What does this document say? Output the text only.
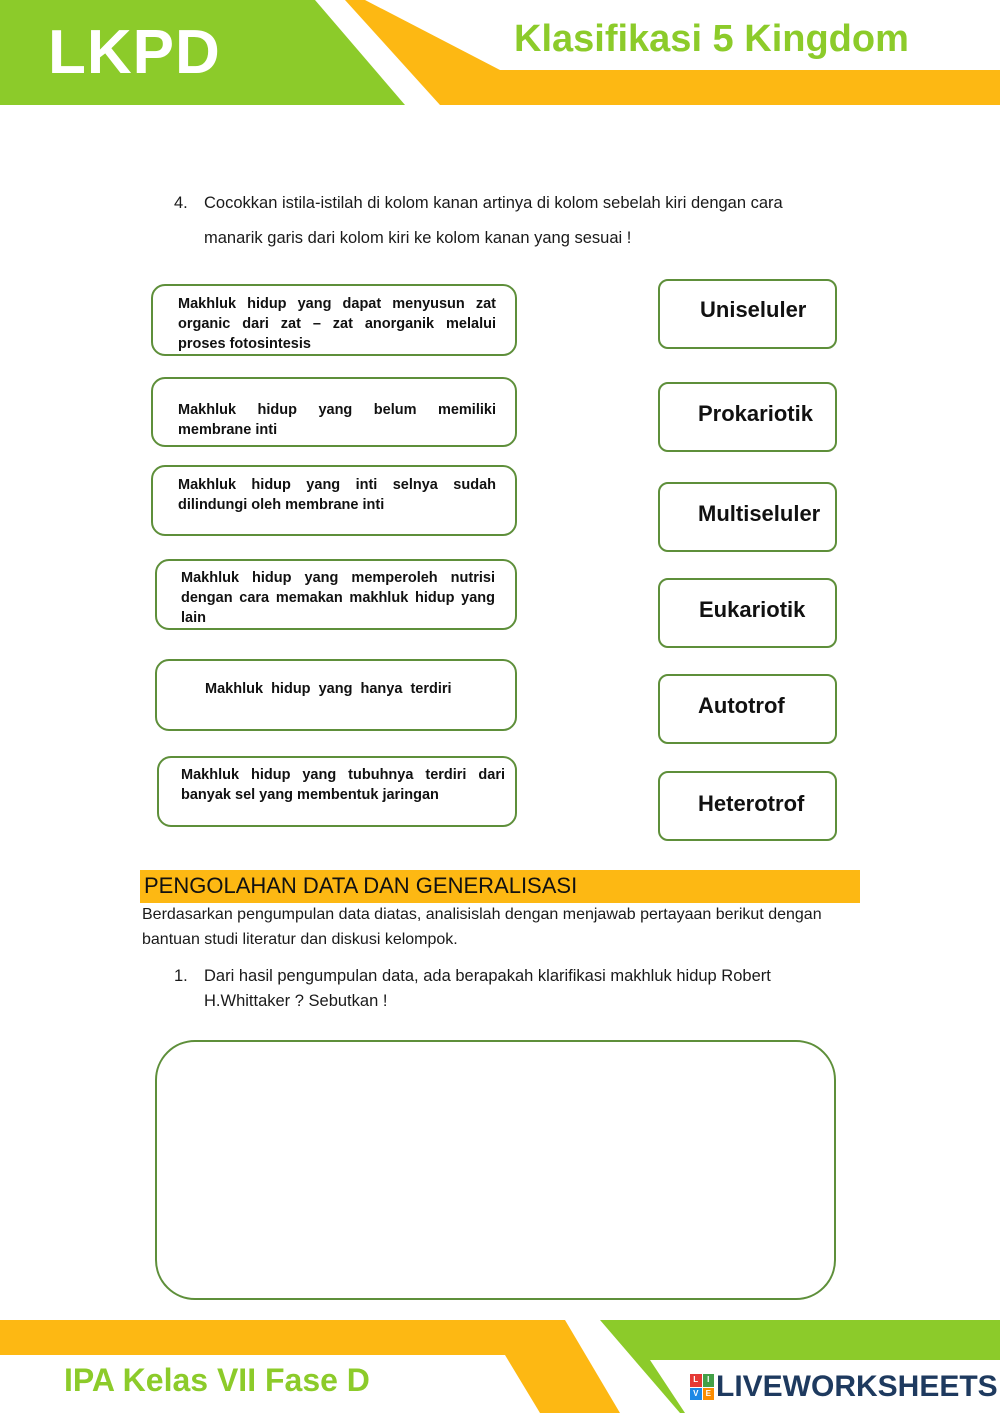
LKPD	Klasifikasi 5 Kingdom
4. Cocokkan istila-istilah di kolom kanan artinya di kolom sebelah kiri dengan cara
manarik garis dari kolom kiri ke kolom kanan yang sesuai !
Makhluk hidup yang dapat menyusun zat organic dari zat – zat anorganik melalui proses fotosintesis
Makhluk hidup yang belum memiliki membrane inti
Makhluk hidup yang inti selnya sudah dilindungi oleh membrane inti
Makhluk hidup yang memperoleh nutrisi dengan cara memakan makhluk hidup yang lain
Makhluk  hidup  yang  hanya  terdiri
Makhluk hidup yang tubuhnya terdiri dari banyak sel yang membentuk jaringan
Uniseluler
Prokariotik
Multiseluler
Eukariotik
Autotrof
Heterotrof
PENGOLAHAN DATA DAN GENERALISASI
Berdasarkan pengumpulan data diatas, analisislah dengan menjawab pertayaan berikut dengan bantuan studi literatur dan diskusi kelompok.
1. Dari hasil pengumpulan data, ada berapakah klarifikasi makhluk hidup Robert H.Whittaker ? Sebutkan !
IPA Kelas VII Fase D	L	I
V E LIVEWORKSHEETS
